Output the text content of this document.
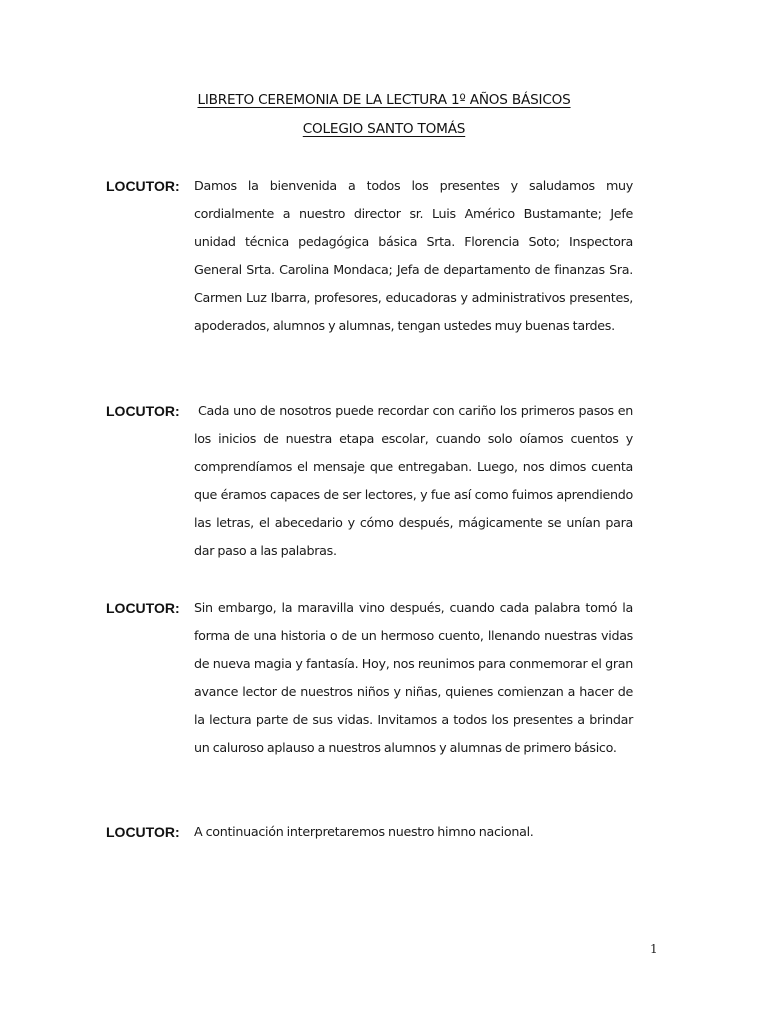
LIBRETO CEREMONIA DE LA LECTURA 1º AÑOS BÁSICOS
COLEGIO SANTO TOMÁS
LOCUTOR: Damos la bienvenida a todos los presentes y saludamos muy cordialmente a nuestro director sr. Luis Américo Bustamante; Jefe unidad técnica pedagógica básica Srta. Florencia Soto; Inspectora General Srta. Carolina Mondaca; Jefa de departamento de finanzas Sra. Carmen Luz Ibarra, profesores, educadoras y administrativos presentes, apoderados, alumnos y alumnas, tengan ustedes muy buenas tardes.
LOCUTOR: Cada uno de nosotros puede recordar con cariño los primeros pasos en los inicios de nuestra etapa escolar, cuando solo oíamos cuentos y comprendíamos el mensaje que entregaban. Luego, nos dimos cuenta que éramos capaces de ser lectores, y fue así como fuimos aprendiendo las letras, el abecedario y cómo después, mágicamente se unían para dar paso a las palabras.
LOCUTOR: Sin embargo, la maravilla vino después, cuando cada palabra tomó la forma de una historia o de un hermoso cuento, llenando nuestras vidas de nueva magia y fantasía. Hoy, nos reunimos para conmemorar el gran avance lector de nuestros niños y niñas, quienes comienzan a hacer de la lectura parte de sus vidas. Invitamos a todos los presentes a brindar un caluroso aplauso a nuestros alumnos y alumnas de primero básico.
LOCUTOR: A continuación interpretaremos nuestro himno nacional.
1
